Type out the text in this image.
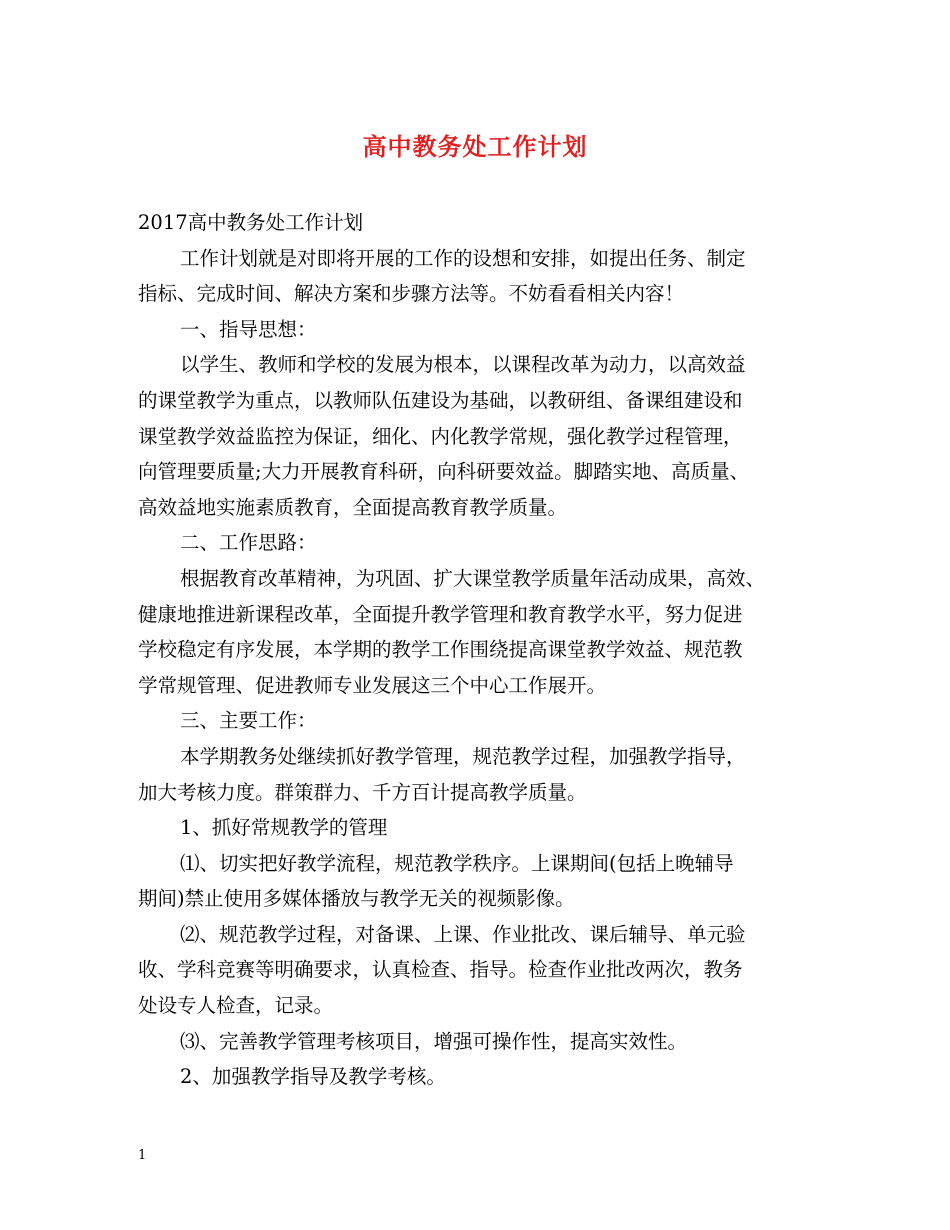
高中教务处工作计划
2017高中教务处工作计划
工作计划就是对即将开展的工作的设想和安排，如提出任务、制定
指标、完成时间、解决方案和步骤方法等。不妨看看相关内容！
一、指导思想：
以学生、教师和学校的发展为根本，以课程改革为动力，以高效益
的课堂教学为重点，以教师队伍建设为基础，以教研组、备课组建设和
课堂教学效益监控为保证，细化、内化教学常规，强化教学过程管理，
向管理要质量;大力开展教育科研，向科研要效益。脚踏实地、高质量、
高效益地实施素质教育，全面提高教育教学质量。
二、工作思路：
根据教育改革精神，为巩固、扩大课堂教学质量年活动成果，高效、
健康地推进新课程改革，全面提升教学管理和教育教学水平，努力促进
学校稳定有序发展，本学期的教学工作围绕提高课堂教学效益、规范教
学常规管理、促进教师专业发展这三个中心工作展开。
三、主要工作：
本学期教务处继续抓好教学管理，规范教学过程，加强教学指导，
加大考核力度。群策群力、千方百计提高教学质量。
1、抓好常规教学的管理
⑴、切实把好教学流程，规范教学秩序。上课期间(包括上晚辅导
期间)禁止使用多媒体播放与教学无关的视频影像。
⑵、规范教学过程，对备课、上课、作业批改、课后辅导、单元验
收、学科竞赛等明确要求，认真检查、指导。检查作业批改两次，教务
处设专人检查，记录。
⑶、完善教学管理考核项目，增强可操作性，提高实效性。
2、加强教学指导及教学考核。
1
